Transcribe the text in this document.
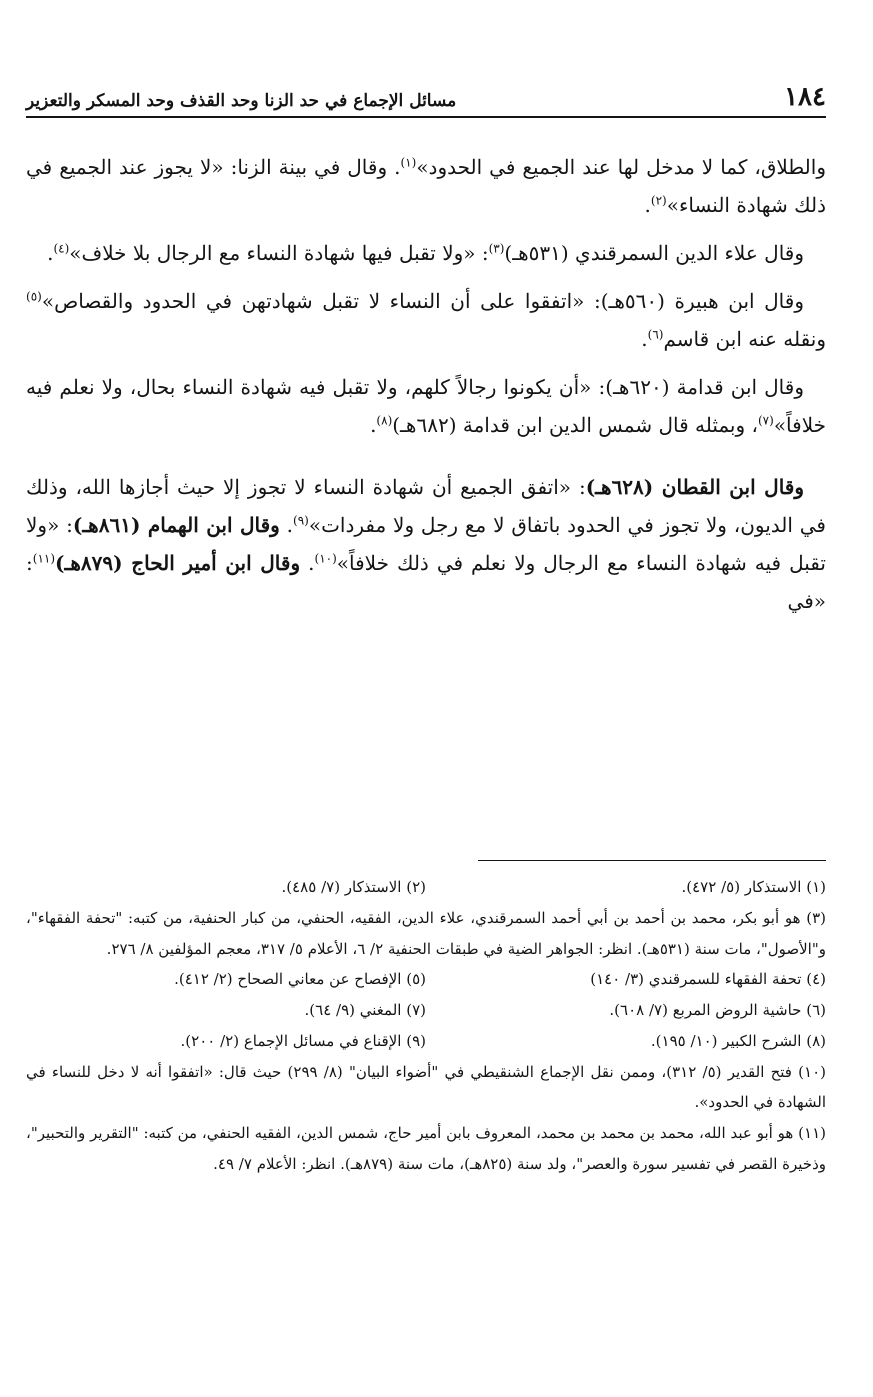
١٨٤
مسائل الإجماع في حد الزنا وحد القذف وحد المسكر والتعزير

والطلاق، كما لا مدخل لها عند الجميع في الحدود»$^{(١)}$. وقال في بينة الزنا: «لا يجوز عند الجميع في ذلك شهادة النساء»$^{(٢)}$.

وقال علاء الدين السمرقندي (٥٣١هـ)$^{(٣)}$: «ولا تقبل فيها شهادة النساء مع الرجال بلا خلاف»$^{(٤)}$.

وقال ابن هبيرة (٥٦٠هـ): «اتفقوا على أن النساء لا تقبل شهادتهن في الحدود والقصاص»$^{(٥)}$ ونقله عنه ابن قاسم$^{(٦)}$.

وقال ابن قدامة (٦٢٠هـ): «أن يكونوا رجالاً كلهم، ولا تقبل فيه شهادة النساء بحال، ولا نعلم فيه خلافاً»$^{(٧)}$، وبمثله قال شمس الدين ابن قدامة (٦٨٢هـ)$^{(٨)}$.

وقال ابن القطان (٦٢٨هـ): «اتفق الجميع أن شهادة النساء لا تجوز إلا حيث أجازها الله، وذلك في الديون، ولا تجوز في الحدود باتفاق لا مع رجل ولا مفردات»$^{(٩)}$. وقال ابن الهمام (٨٦١هـ): «ولا تقبل فيه شهادة النساء مع الرجال ولا نعلم في ذلك خلافاً»$^{(١٠)}$. وقال ابن أمير الحاج (٨٧٩هـ)$^{(١١)}$: «في

(١) الاستذكار (٥/ ٤٧٢).
(٢) الاستذكار (٧/ ٤٨٥).
(٣) هو أبو بكر، محمد بن أحمد بن أبي أحمد السمرقندي، علاء الدين، الفقيه، الحنفي، من كبار الحنفية، من كتبه: "تحفة الفقهاء"، و"الأصول"، مات سنة (٥٣١هـ). انظر: الجواهر الضية في طبقات الحنفية ٢/ ٦، الأعلام ٥/ ٣١٧، معجم المؤلفين ٨/ ٢٧٦.
(٤) تحفة الفقهاء للسمرقندي (٣/ ١٤٠)
(٥) الإفصاح عن معاني الصحاح (٢/ ٤١٢).
(٦) حاشية الروض المربع (٧/ ٦٠٨).
(٧) المغني (٩/ ٦٤).
(٨) الشرح الكبير (١٠/ ١٩٥).
(٩) الإقناع في مسائل الإجماع (٢/ ٢٠٠).
(١٠) فتح القدير (٥/ ٣١٢)، وممن نقل الإجماع الشنقيطي في "أضواء البيان" (٨/ ٢٩٩) حيث قال: «اتفقوا أنه لا دخل للنساء في الشهادة في الحدود».
(١١) هو أبو عبد الله، محمد بن محمد بن محمد، المعروف بابن أمير حاج، شمس الدين، الفقيه الحنفي، من كتبه: "التقرير والتحبير"، وذخيرة القصر في تفسير سورة والعصر"، ولد سنة (٨٢٥هـ)، مات سنة (٨٧٩هـ). انظر: الأعلام ٧/ ٤٩.
